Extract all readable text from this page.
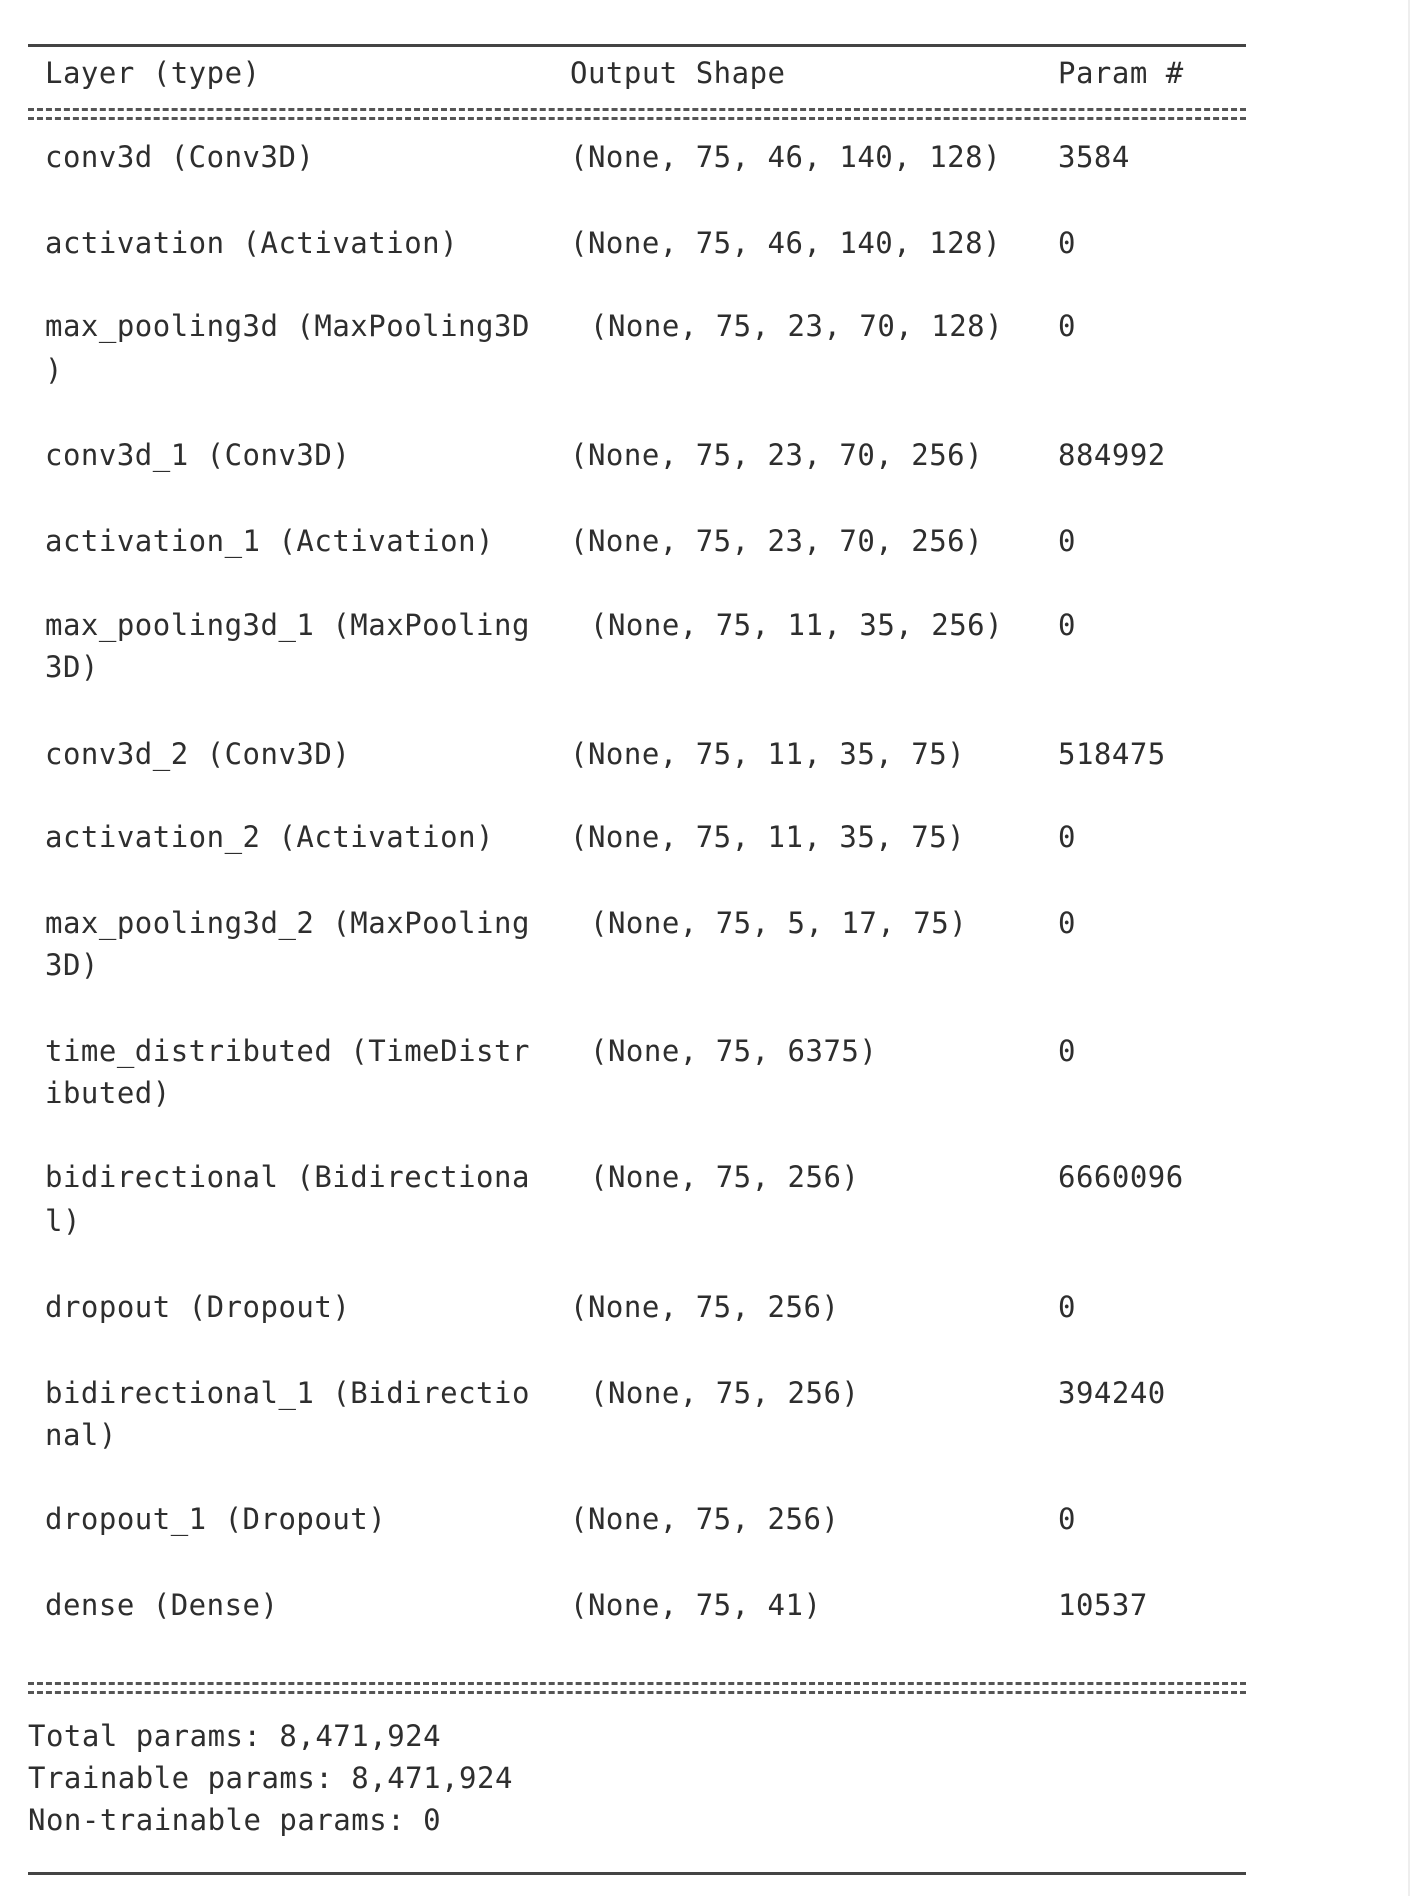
Layer (type)	Output Shape	Param #
conv3d (Conv3D)	(None, 75, 46, 140, 128) 3584
activation (Activation)	(None, 75, 46, 140, 128) 0
max_pooling3d (MaxPooling3D
)
(None, 75, 23, 70, 128) 0
conv3d_1 (Conv3D)	(None, 75, 23, 70, 256)	884992
activation_1 (Activation)	(None, 75, 23, 70, 256)	0
max_pooling3d_1 (MaxPooling
3D)
(None, 75, 11, 35, 256) 0
conv3d_2 (Conv3D)	(None, 75, 11, 35, 75)	518475
activation_2 (Activation)	(None, 75, 11, 35, 75)	0
max_pooling3d_2 (MaxPooling
3D)
(None, 75, 5, 17, 75)	0
time_distributed (TimeDistr
ibuted)
(None, 75, 6375)	0
bidirectional (Bidirectiona
l)
(None, 75, 256)	6660096
dropout (Dropout)	(None, 75, 256)	0
bidirectional_1 (Bidirectio
nal)
(None, 75, 256)	394240
dropout_1 (Dropout)	(None, 75, 256)	0
dense (Dense)	(None, 75, 41)	10537
Total params: 8,471,924
Trainable params: 8,471,924
Non-trainable params: 0
